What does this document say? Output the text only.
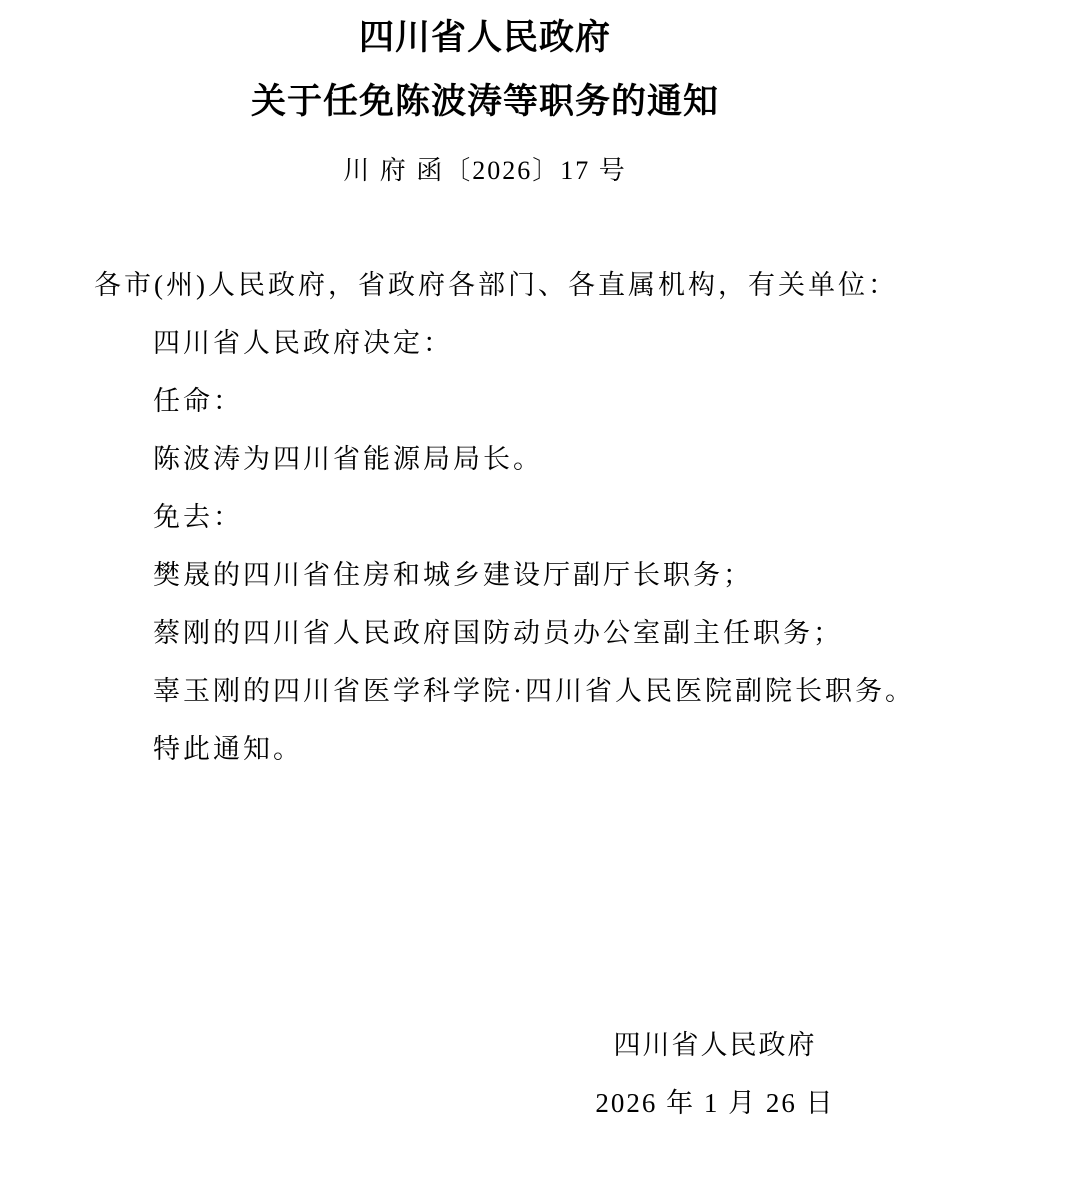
四川省人民政府
关于任免陈波涛等职务的通知
川 府 函〔2026〕17 号

各市(州)人民政府，省政府各部门、各直属机构，有关单位：

四川省人民政府决定：

任命：

陈波涛为四川省能源局局长。

免去：

樊晟的四川省住房和城乡建设厅副厅长职务；

蔡刚的四川省人民政府国防动员办公室副主任职务；

辜玉刚的四川省医学科学院·四川省人民医院副院长职务。

特此通知。

四川省人民政府
2026 年 1 月 26 日
